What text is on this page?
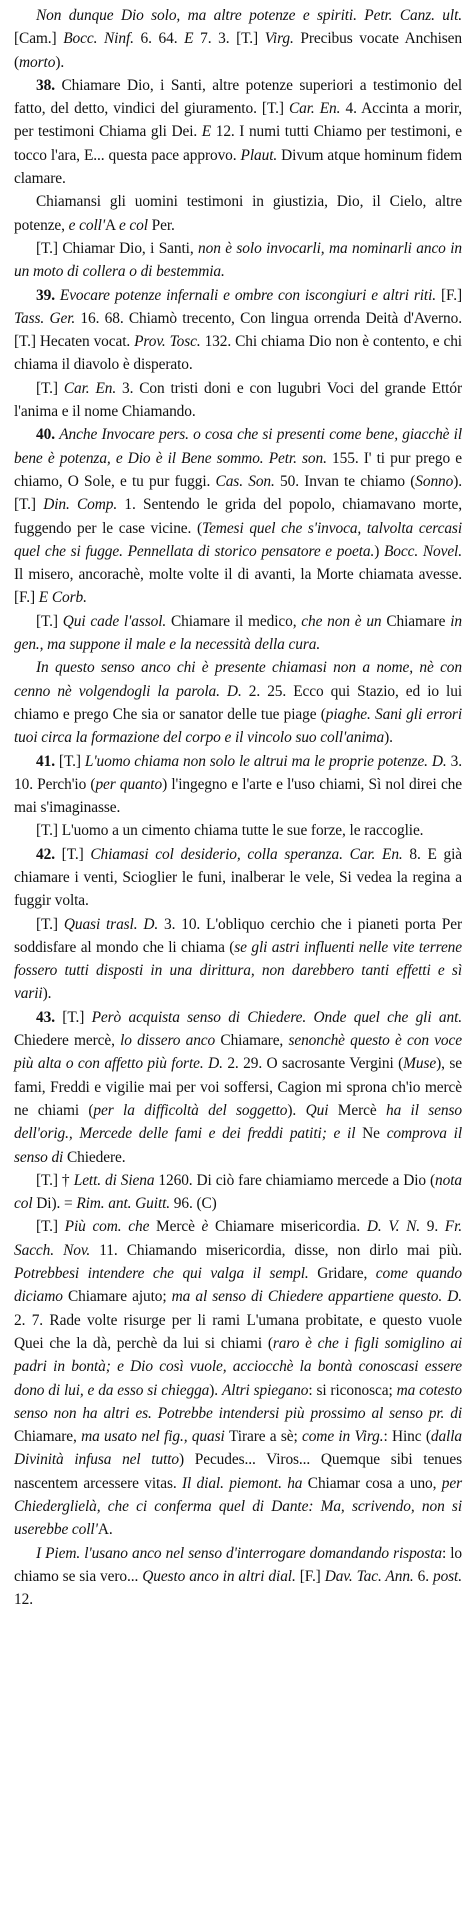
Non dunque Dio solo, ma altre potenze e spiriti. Petr. Canz. ult. [Cam.] Bocc. Ninf. 6. 64. E 7. 3. [T.] Virg. Precibus vocate Anchisen (morto).

38. Chiamare Dio, i Santi, altre potenze superiori a testimonio del fatto, del detto, vindici del giuramento. [T.] Car. En. 4. Accinta a morir, per testimoni Chiama gli Dei. E 12. I numi tutti Chiamo per testimoni, e tocco l'ara, E... questa pace approvo. Plaut. Divum atque hominum fidem clamare.

Chiamansi gli uomini testimoni in giustizia, Dio, il Cielo, altre potenze, e coll'A e col Per.

[T.] Chiamar Dio, i Santi, non è solo invocarli, ma nominarli anco in un moto di collera o di bestemmia.

39. Evocare potenze infernali e ombre con iscongiuri e altri riti. [F.] Tass. Ger. 16. 68. Chiamò trecento, Con lingua orrenda Deità d'Averno. [T.] Hecaten vocat. Prov. Tosc. 132. Chi chiama Dio non è contento, e chi chiama il diavolo è disperato.

[T.] Car. En. 3. Con tristi doni e con lugubri Voci del grande Ettór l'anima e il nome Chiamando.

40. Anche Invocare pers. o cosa che si presenti come bene, giacchè il bene è potenza, e Dio è il Bene sommo. Petr. son. 155. I' ti pur prego e chiamo, O Sole, e tu pur fuggi. Cas. Son. 50. Invan te chiamo (Sonno). [T.] Din. Comp. 1. Sentendo le grida del popolo, chiamavano morte, fuggendo per le case vicine. (Temesi quel che s'invoca, talvolta cercasi quel che si fugge. Pennellata di storico pensatore e poeta.) Bocc. Novel. Il misero, ancorachè, molte volte il di avanti, la Morte chiamata avesse. [F.] E Corb.

[T.] Qui cade l'assol. Chiamare il medico, che non è un Chiamare in gen., ma suppone il male e la necessità della cura.

In questo senso anco chi è presente chiamasi non a nome, nè con cenno nè volgendogli la parola. D. 2. 25. Ecco qui Stazio, ed io lui chiamo e prego Che sia or sanator delle tue piage (piaghe. Sani gli errori tuoi circa la formazione del corpo e il vincolo suo coll'anima).

41. [T.] L'uomo chiama non solo le altrui ma le proprie potenze. D. 3. 10. Perch'io (per quanto) l'ingegno e l'arte e l'uso chiami, Sì nol direi che mai s'imaginasse.

[T.] L'uomo a un cimento chiama tutte le sue forze, le raccoglie.

42. [T.] Chiamasi col desiderio, colla speranza. Car. En. 8. E già chiamare i venti, Scioglier le funi, inalberar le vele, Si vedea la regina a fuggir volta.

[T.] Quasi trasl. D. 3. 10. L'obliquo cerchio che i pianeti porta Per soddisfare al mondo che li chiama (se gli astri influenti nelle vite terrene fossero tutti disposti in una dirittura, non darebbero tanti effetti e sì varii).

43. [T.] Però acquista senso di Chiedere. Onde quel che gli ant. Chiedere mercè, lo dissero anco Chiamare, senonchè questo è con voce più alta o con affetto più forte. D. 2. 29. O sacrosante Vergini (Muse), se fami, Freddi e vigilie mai per voi soffersi, Cagion mi sprona ch'io mercè ne chiami (per la difficoltà del soggetto). Qui Mercè ha il senso dell'orig., Mercede delle fami e dei freddi patiti; e il Ne comprova il senso di Chiedere.

[T.] † Lett. di Siena 1260. Di ciò fare chiamiamo mercede a Dio (nota col Di). = Rim. ant. Guitt. 96. (C)

[T.] Più com. che Mercè è Chiamare misericordia. D. V. N. 9. Fr. Sacch. Nov. 11. Chiamando misericordia, disse, non dirlo mai più. Potrebbesi intendere che qui valga il sempl. Gridare, come quando diciamo Chiamare ajuto; ma al senso di Chiedere appartiene questo. D. 2. 7. Rade volte risurge per li rami L'umana probitate, e questo vuole Quei che la dà, perchè da lui si chiami (raro è che i figli somiglino ai padri in bontà; e Dio così vuole, acciocchè la bontà conoscasi essere dono di lui, e da esso si chiegga). Altri spiegano: si riconosca; ma cotesto senso non ha altri es. Potrebbe intendersi più prossimo al senso pr. di Chiamare, ma usato nel fig., quasi Tirare a sè; come in Virg.: Hinc (dalla Divinità infusa nel tutto) Pecudes... Viros... Quemque sibi tenues nascentem arcessere vitas. Il dial. piemont. ha Chiamar cosa a uno, per Chiederglielà, che ci conferma quel di Dante: Ma, scrivendo, non si userebbe coll'A.

I Piem. l'usano anco nel senso d'interrogare domandando risposta: lo chiamo se sia vero... Questo anco in altri dial. [F.] Dav. Tac. Ann. 6. post. 12.
